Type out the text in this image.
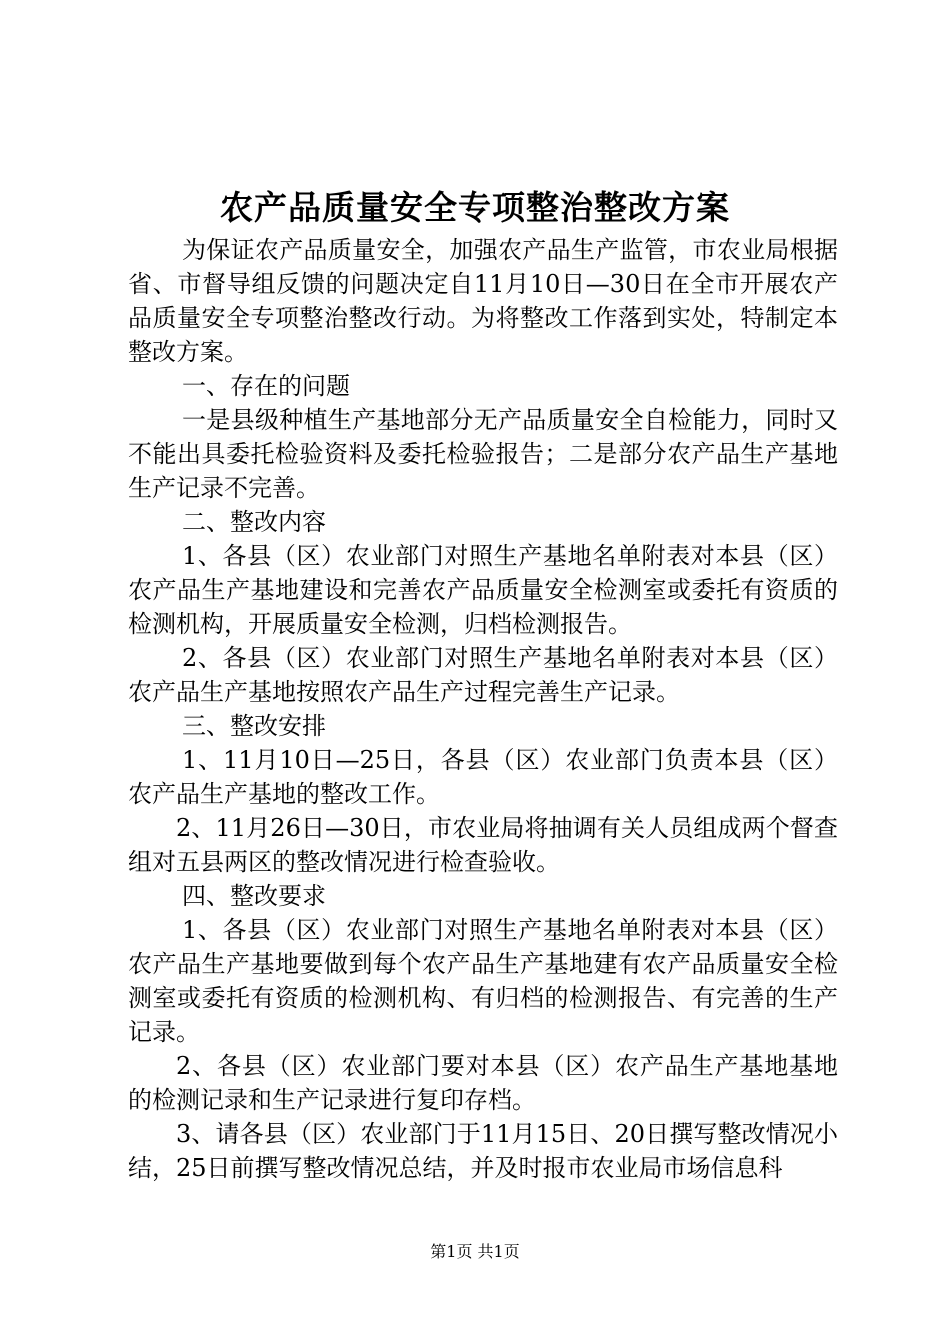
农产品质量安全专项整治整改方案

为保证农产品质量安全，加强农产品生产监管，市农业局根据省、市督导组反馈的问题决定自11月10日—30日在全市开展农产品质量安全专项整治整改行动。为将整改工作落到实处，特制定本整改方案。

一、存在的问题

一是县级种植生产基地部分无产品质量安全自检能力，同时又不能出具委托检验资料及委托检验报告；二是部分农产品生产基地生产记录不完善。

二、整改内容

1、各县（区）农业部门对照生产基地名单附表对本县（区）农产品生产基地建设和完善农产品质量安全检测室或委托有资质的检测机构，开展质量安全检测，归档检测报告。

2、各县（区）农业部门对照生产基地名单附表对本县（区）农产品生产基地按照农产品生产过程完善生产记录。

三、整改安排

1、11月10日—25日，各县（区）农业部门负责本县（区）农产品生产基地的整改工作。

2、11月26日—30日，市农业局将抽调有关人员组成两个督查组对五县两区的整改情况进行检查验收。

四、整改要求

1、各县（区）农业部门对照生产基地名单附表对本县（区）农产品生产基地要做到每个农产品生产基地建有农产品质量安全检测室或委托有资质的检测机构、有归档的检测报告、有完善的生产记录。

2、各县（区）农业部门要对本县（区）农产品生产基地基地的检测记录和生产记录进行复印存档。

3、请各县（区）农业部门于11月15日、20日撰写整改情况小结，25日前撰写整改情况总结，并及时报市农业局市场信息科

第1页 共1页
